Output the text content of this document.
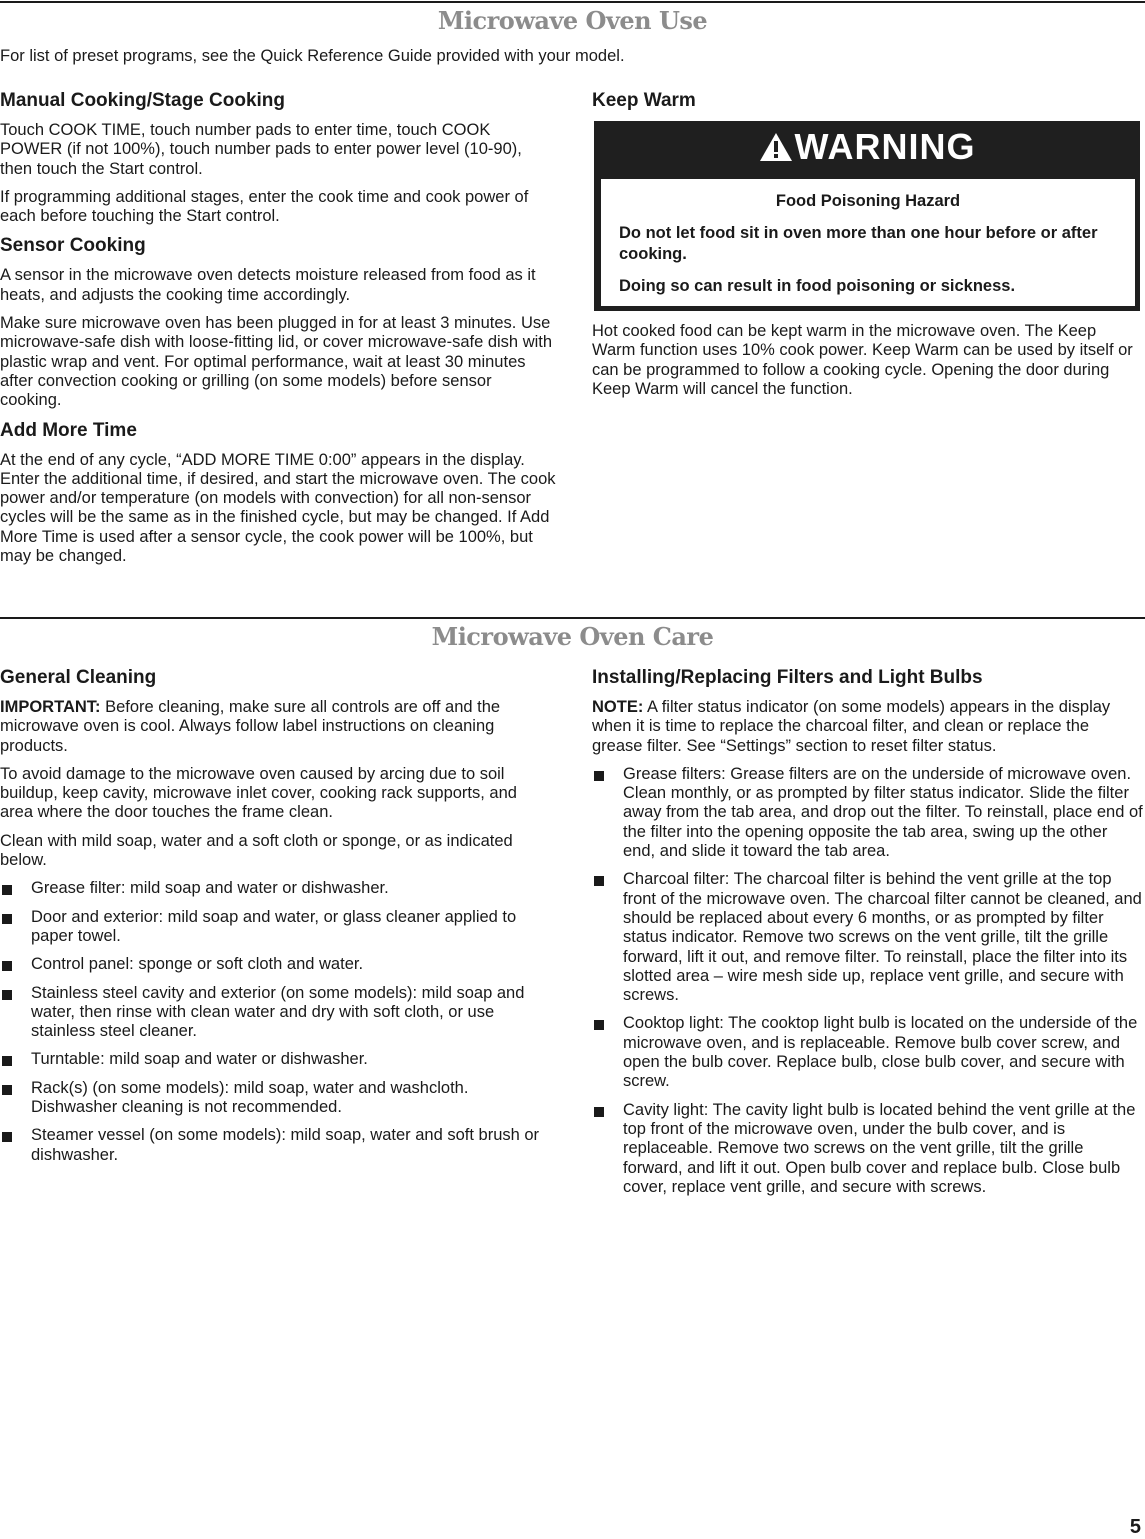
Microwave Oven Use
For list of preset programs, see the Quick Reference Guide provided with your model.
Manual Cooking/Stage Cooking

Touch COOK TIME, touch number pads to enter time, touch COOK POWER (if not 100%), touch number pads to enter power level (10-90), then touch the Start control.

If programming additional stages, enter the cook time and cook power of each before touching the Start control.

Sensor Cooking

A sensor in the microwave oven detects moisture released from food as it heats, and adjusts the cooking time accordingly.

Make sure microwave oven has been plugged in for at least 3 minutes. Use microwave-safe dish with loose-fitting lid, or cover microwave-safe dish with plastic wrap and vent. For optimal performance, wait at least 30 minutes after convection cooking or grilling (on some models) before sensor cooking.

Add More Time

At the end of any cycle, “ADD MORE TIME 0:00” appears in the display. Enter the additional time, if desired, and start the microwave oven. The cook power and/or temperature (on models with convection) for all non-sensor cycles will be the same as in the finished cycle, but may be changed. If Add More Time is used after a sensor cycle, the cook power will be 100%, but may be changed.

Keep Warm
WARNING
Food Poisoning Hazard

Do not let food sit in oven more than one hour before or after cooking.

Doing so can result in food poisoning or sickness.

Hot cooked food can be kept warm in the microwave oven. The Keep Warm function uses 10% cook power. Keep Warm can be used by itself or can be programmed to follow a cooking cycle. Opening the door during Keep Warm will cancel the function.

Microwave Oven Care
General Cleaning

IMPORTANT: Before cleaning, make sure all controls are off and the microwave oven is cool. Always follow label instructions on cleaning products.

To avoid damage to the microwave oven caused by arcing due to soil buildup, keep cavity, microwave inlet cover, cooking rack supports, and area where the door touches the frame clean.

Clean with mild soap, water and a soft cloth or sponge, or as indicated below.

Grease filter: mild soap and water or dishwasher.
Door and exterior: mild soap and water, or glass cleaner applied to paper towel.
Control panel: sponge or soft cloth and water.
Stainless steel cavity and exterior (on some models): mild soap and water, then rinse with clean water and dry with soft cloth, or use stainless steel cleaner.
Turntable: mild soap and water or dishwasher.
Rack(s) (on some models): mild soap, water and washcloth. Dishwasher cleaning is not recommended.
Steamer vessel (on some models): mild soap, water and soft brush or dishwasher.
Installing/Replacing Filters and Light Bulbs

NOTE: A filter status indicator (on some models) appears in the display when it is time to replace the charcoal filter, and clean or replace the grease filter. See “Settings” section to reset filter status.

Grease filters: Grease filters are on the underside of microwave oven. Clean monthly, or as prompted by filter status indicator. Slide the filter away from the tab area, and drop out the filter. To reinstall, place end of the filter into the opening opposite the tab area, swing up the other end, and slide it toward the tab area.
Charcoal filter: The charcoal filter is behind the vent grille at the top front of the microwave oven. The charcoal filter cannot be cleaned, and should be replaced about every 6 months, or as prompted by filter status indicator. Remove two screws on the vent grille, tilt the grille forward, lift it out, and remove filter. To reinstall, place the filter into its slotted area – wire mesh side up, replace vent grille, and secure with screws.
Cooktop light: The cooktop light bulb is located on the underside of the microwave oven, and is replaceable. Remove bulb cover screw, and open the bulb cover. Replace bulb, close bulb cover, and secure with screw.
Cavity light: The cavity light bulb is located behind the vent grille at the top front of the microwave oven, under the bulb cover, and is replaceable. Remove two screws on the vent grille, tilt the grille forward, and lift it out. Open bulb cover and replace bulb. Close bulb cover, replace vent grille, and secure with screws.
5
